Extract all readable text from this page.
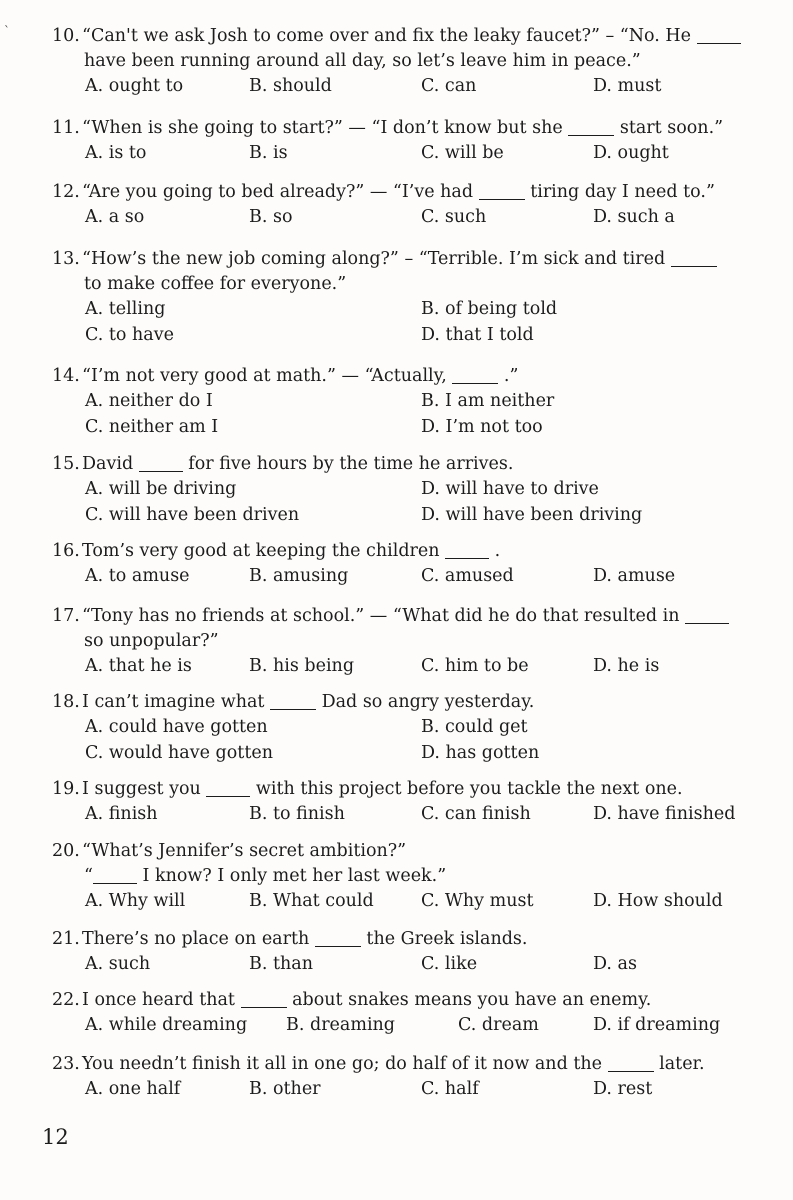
` 10. “Can't we ask Josh to come over and fix the leaky faucet?” – “No. He
have been running around all day, so let’s leave him in peace.”
A. ought to	B. should	C. can	D. must
11. “When is she going to start?” — “I don’t know but she	start soon.”
A. is to	B. is	C. will be	D. ought
12. “Are you going to bed already?” — “I’ve had	tiring day I need to.”
A. a so	B. so	C. such	D. such a
13. “How’s the new job coming along?” – “Terrible. I’m sick and tired
to make coffee for everyone.”
A. telling	B. of being told
C. to have	D. that I told
14. “I’m not very good at math.” — “Actually,	.”
A. neither do I	B. I am neither
C. neither am I	D. I’m not too
15. David	for five hours by the time he arrives.
A. will be driving	D. will have to drive
C. will have been driven	D. will have been driving
16. Tom’s very good at keeping the children	.
A. to amuse	B. amusing	C. amused	D. amuse
17. “Tony has no friends at school.” — “What did he do that resulted in
so unpopular?”
A. that he is	B. his being	C. him to be	D. he is
18. I can’t imagine what	Dad so angry yesterday.
A. could have gotten	B. could get
C. would have gotten	D. has gotten
19. I suggest you	with this project before you tackle the next one.
A. finish	B. to finish	C. can finish	D. have finished
20. “What’s Jennifer’s secret ambition?”
“	I know? I only met her last week.”
A. Why will	B. What could	C. Why must	D. How should
21. There’s no place on earth	the Greek islands.
A. such	B. than	C. like	D. as
22. I once heard that	about snakes means you have an enemy.
A. while dreaming B. dreaming	C. dream	D. if dreaming
23. You needn’t finish it all in one go; do half of it now and the	later.
A. one half	B. other	C. half	D. rest
12
